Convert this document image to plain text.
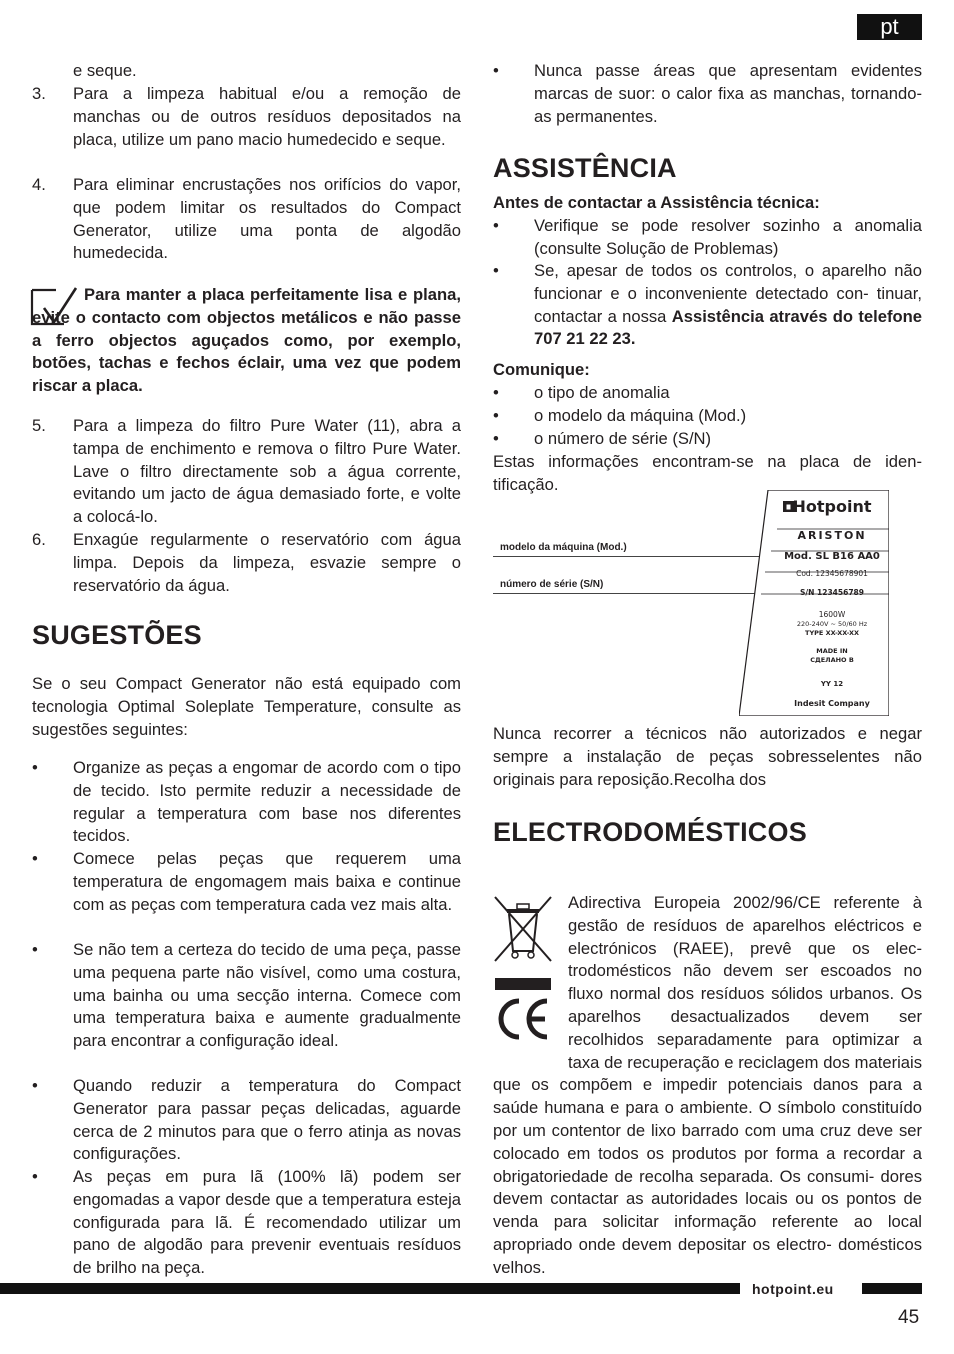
pt
e seque.
3. Para a limpeza habitual e/ou a remoção de manchas ou de outros resíduos depositados na placa, utilize um pano macio humedecido e seque.
4. Para eliminar encrustações nos orifícios do vapor, que podem limitar os resultados do Compact Generator, utilize uma ponta de algodão humedecida.
Para manter a placa perfeitamente lisa e plana, evite o contacto com objectos metálicos e não passe a ferro objectos aguçados como, por exemplo, botões, tachas e fechos éclair, uma vez que podem riscar a placa.
5. Para a limpeza do filtro Pure Water (11), abra a tampa de enchimento e remova o filtro Pure Water. Lave o filtro directamente sob a água corrente, evitando um jacto de água demasiado forte, e volte a colocá-lo.
6. Enxagúe regularmente o reservatório com água limpa. Depois da limpeza, esvazie sempre o reservatório da água.
SUGESTÕES
Se o seu Compact Generator não está equipado com tecnologia Optimal Soleplate Temperature, consulte as sugestões seguintes:
• Organize as peças a engomar de acordo com o tipo de tecido. Isto permite reduzir a necessidade de regular a temperatura com base nos diferentes tecidos.
• Comece pelas peças que requerem uma temperatura de engomagem mais baixa e continue com as peças com temperatura cada vez mais alta.
• Se não tem a certeza do tecido de uma peça, passe uma pequena parte não visível, como uma costura, uma bainha ou uma secção interna. Comece com uma temperatura baixa e aumente gradualmente para encontrar a configuração ideal.
• Quando reduzir a temperatura do Compact Generator para passar peças delicadas, aguarde cerca de 2 minutos para que o ferro atinja as novas configurações.
• As peças em pura lã (100% lã) podem ser engomadas a vapor desde que a temperatura esteja configurada para lã. É recomendado utilizar um pano de algodão para prevenir eventuais resíduos de brilho na peça.
• Nunca passe áreas que apresentam evidentes marcas de suor: o calor fixa as manchas, tornando-as permanentes.
ASSISTÊNCIA
Antes de contactar a Assistência técnica:
• Verifique se pode resolver sozinho a anomalia (consulte Solução de Problemas)
• Se, apesar de todos os controlos, o aparelho não funcionar e o inconveniente detectado con- tinuar, contactar a nossa Assistência através do telefone 707 21 22 23.
Comunique:
• o tipo de anomalia
• o modelo da máquina (Mod.)
• o número de série (S/N)
Estas informações encontram-se na placa de iden- tificação.
modelo da máquina (Mod.)
número de série (S/N)
Hotpoint
ARISTON
Mod. SL B16 AA0
Cod. 12345678901
S/N 123456789
1600W
220-240V ~ 50/60 Hz
TYPE XX-XX-XX
MADE IN
СДЕЛАНО В
YY 12
Indesit Company
Nunca recorrer a técnicos não autorizados e negar sempre a instalação de peças sobresselentes não originais para reposição.Recolha dos
ELECTRODOMÉSTICOS
Adirectiva Europeia 2002/96/CE referente à gestão de resíduos de aparelhos eléctricos e electrónicos (RAEE), prevê que os elec- trodomésticos não devem ser escoados no fluxo normal dos resíduos sólidos urbanos. Os aparelhos desactualizados devem ser recolhidos separadamente para optimizar a taxa de recuperação e reciclagem dos materiais que os compõem e impedir potenciais danos para a saúde humana e para o ambiente. O símbolo constituído por um contentor de lixo barrado com uma cruz deve ser colocado em todos os produtos por forma a recordar a obrigatoriedade de recolha separada. Os consumi- dores devem contactar as autoridades locais ou os pontos de venda para solicitar informação referente ao local apropriado onde devem depositar os electro- domésticos velhos.
hotpoint.eu
45
